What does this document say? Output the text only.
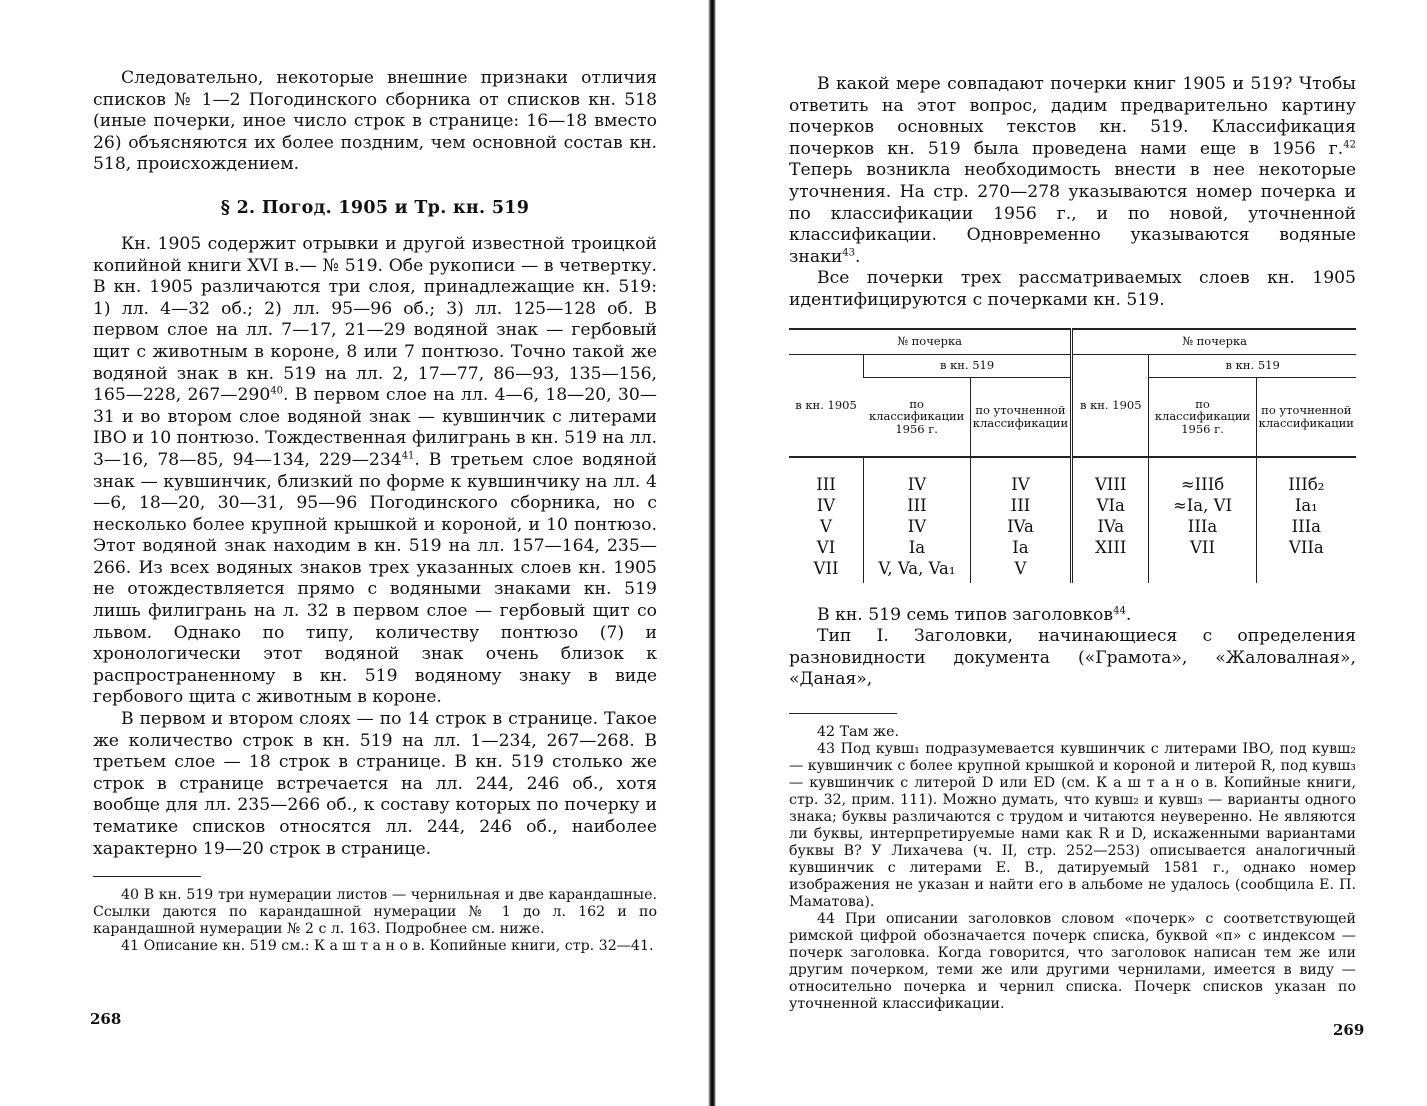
Следовательно, некоторые внешние признаки отличия списков № 1—2 Погодинского сборника от списков кн. 518 (иные почерки, иное число строк в странице: 16—18 вместо 26) объясняются их более поздним, чем основной состав кн. 518, происхождением.

§ 2. Погод. 1905 и Тр. кн. 519

Кн. 1905 содержит отрывки и другой известной троицкой копийной книги XVI в.— № 519. Обе рукописи — в четвертку. В кн. 1905 различаются три слоя, принадлежащие кн. 519: 1) лл. 4—32 об.; 2) лл. 95—96 об.; 3) лл. 125—128 об. В первом слое на лл. 7—17, 21—29 водяной знак — гербовый щит с животным в короне, 8 или 7 понтюзо. Точно такой же водяной знак в кн. 519 на лл. 2, 17—77, 86—93, 135—156, 165—228, $267—290^{40}$. В первом слое на лл. 4—6, 18—20, 30—31 и во втором слое водяной знак — кувшинчик с литерами IBO и 10 понтюзо. Тождественная филигрань в кн. 519 на лл. 3—16, 78—85, 94—134, $229—234^{41}$. В третьем слое водяной знак — кувшинчик, близкий по форме к кувшинчику на лл. 4—6, 18—20, 30—31, 95—96 Погодинского сборника, но с несколько более крупной крышкой и короной, и 10 понтюзо. Этот водяной знак находим в кн. 519 на лл. 157—164, 235—266. Из всех водяных знаков трех указанных слоев кн. 1905 не отождествляется прямо с водяными знаками кн. 519 лишь филигрань на л. 32 в первом слое — гербовый щит со львом. Однако по типу, количеству понтюзо (7) и хронологически этот водяной знак очень близок к распространенному в кн. 519 водяному знаку в виде гербового щита с животным в короне.

В первом и втором слоях — по 14 строк в странице. Такое же количество строк в кн. 519 на лл. 1—234, 267—268. В третьем слое — 18 строк в странице. В кн. 519 столько же строк в странице встречается на лл. 244, 246 об., хотя вообще для лл. 235—266 об., к составу которых по почерку и тематике списков относятся лл. 244, 246 об., наиболее характерно 19—20 строк в странице.

40 В кн. 519 три нумерации листов — чернильная и две карандашные. Ссылки даются по карандашной нумерации № 1 до л. 162 и по карандашной нумерации № 2 с л. 163. Подробнее см. ниже.

41 Описание кн. 519 см.: К а ш т а н о в. Копийные книги, стр. 32—41.

268

В какой мере совпадают почерки книг 1905 и 519? Чтобы ответить на этот вопрос, дадим предварительно картину почерков основных текстов кн. 519. Классификация почерков кн. 519 была проведена нами еще в 1956 г.$^{42}$ Теперь возникла необходимость внести в нее некоторые уточнения. На стр. 270—278 указываются номер почерка и по классификации 1956 г., и по новой, уточненной классификации. Одновременно указываются водяные знаки$^{43}$.

Все почерки трех рассматриваемых слоев кн. 1905 идентифицируются с почерками кн. 519.

№ почерка			№ почерка		
в кн. 1905	в кн. 519		в кн. 1905	в кн. 519	
	по классификации 1956 г.	по уточненной классификации		по классификации 1956 г.	по уточненной классификации
III	IV	IV	VIII	≈IIIб	IIIб₂
IV	III	III	VIa	≈Ia, VI	Ia₁
V	IV	IVa	IVa	IIIa	IIIa
VI	Ia	Ia	XIII	VII	VIIa
VII	V, Va, Va₁	V			

В кн. 519 семь типов заголовков$^{44}$.

Тип I. Заголовки, начинающиеся с определения разновидности документа («Грамота», «Жаловалная», «Даная»,

42 Там же.

43 Под кувш₁ подразумевается кувшинчик с литерами IBO, под кувш₂ — кувшинчик с более крупной крышкой и короной и литерой R, под кувш₃ — кувшинчик с литерой D или ED (см. К а ш т а н о в. Копийные книги, стр. 32, прим. 111). Можно думать, что кувш₂ и кувш₃ — варианты одного знака; буквы различаются с трудом и читаются неуверенно. Не являются ли буквы, интерпретируемые нами как R и D, искаженными вариантами буквы B? У Лихачева (ч. II, стр. 252—253) описывается аналогичный кувшинчик с литерами Е. В., датируемый 1581 г., однако номер изображения не указан и найти его в альбоме не удалось (сообщила Е. П. Маматова).

44 При описании заголовков словом «почерк» с соответствующей римской цифрой обозначается почерк списка, буквой «п» с индексом — почерк заголовка. Когда говорится, что заголовок написан тем же или другим почерком, теми же или другими чернилами, имеется в виду — относительно почерка и чернил списка. Почерк списков указан по уточненной классификации.

269
